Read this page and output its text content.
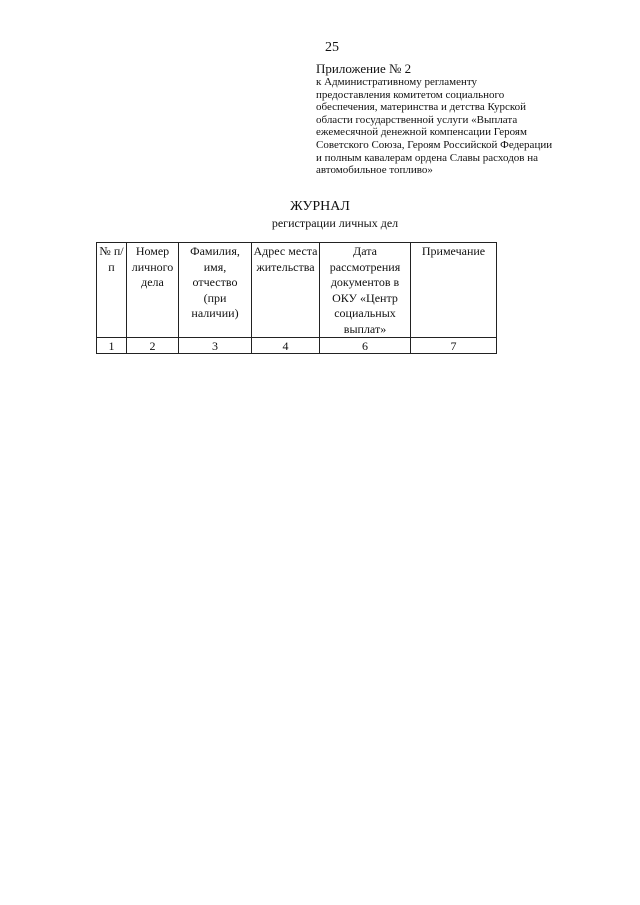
25
Приложение № 2
к Административному регламенту
предоставления комитетом социального
обеспечения, материнства и детства Курской
области государственной услуги «Выплата
ежемесячной денежной компенсации Героям
Советского Союза, Героям Российской Федерации
и полным кавалерам ордена Славы расходов на
автомобильное топливо»
ЖУРНАЛ
регистрации личных дел
№ п/п	Номер личного дела	Фамилия, имя, отчество (при наличии)	Адрес места жительства	Дата рассмотрения документов в ОКУ «Центр социальных выплат»	Примечание
1	2	3	4	6	7
